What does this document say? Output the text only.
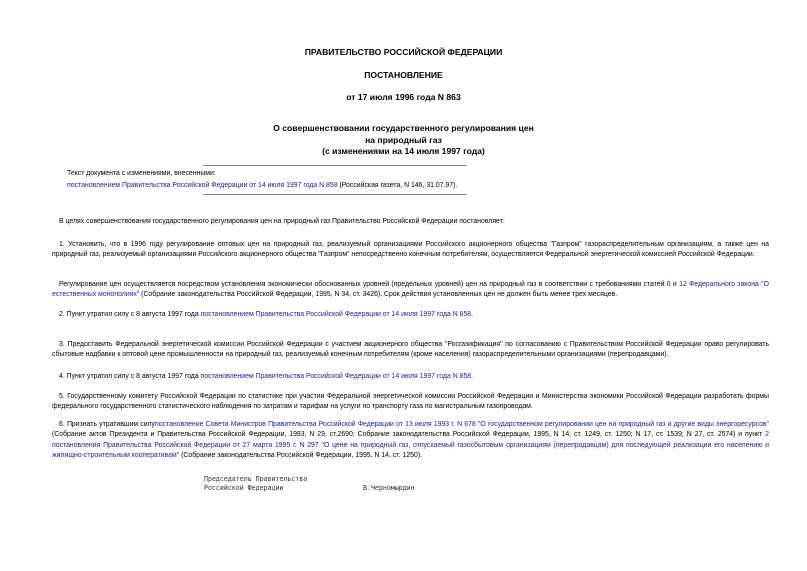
ПРАВИТЕЛЬСТВО РОССИЙСКОЙ ФЕДЕРАЦИИ
ПОСТАНОВЛЕНИЕ
от 17 июля 1996 года N 863
О совершенствовании государственного регулирования цен
на природный газ
(с изменениями на 14 июля 1997 года)
Текст документа с изменениями, внесенными:
постановлением Правительства Российской Федерации от 14 июля 1997 года N 858 (Российская газета, N 146, 31.07.97).

В целях совершенствования государственного регулирования цен на природный газ Правительство Российской Федерации постановляет:

1. Установить, что в 1996 году регулирование оптовых цен на природный газ, реализуемый организациями Российского акционерного общества "Газпром" газораспределительным организациям, а также цен на природный газ, реализуемый организациями Российского акционерного общества "Газпром" непосредственно конечным потребителям, осуществляется Федеральной энергетической комиссией Российской Федерации.

Регулирование цен осуществляется посредством установления экономически обоснованных уровней (предельных уровней) цен на природный газ в соответствии с требованиями статей 6 и 12 Федерального закона "О естественных монополиях" (Собрание законодательства Российской Федерации, 1995, N 34, ст. 3426). Срок действия установленных цен не должен быть менее трех месяцев.

2. Пункт утратил силу с 8 августа 1997 года постановлением Правительства Российской Федерации от 14 июля 1997 года N 858.

3. Предоставить Федеральной энергетической комиссии Российской Федерации с участием акционерного общества "Росгазификация" по согласованию с Правительством Российской Федерации право регулировать сбытовые надбавки к оптовой цене промышленности на природный газ, реализуемый конечным потребителям (кроме населения) газораспределительными организациями (перепродавцами).

4. Пункт утратил силу с 8 августа 1997 года постановлением Правительства Российской Федерации от 14 июля 1997 года N 858.

5. Государственному комитету Российской Федерации по статистике при участии Федеральной энергетической комиссии Российской Федерации и Министерства экономики Российской Федерации разработать формы федерального государственного статистического наблюдения по затратам и тарифам на услуги по транспорту газа по магистральным газопроводам.

6. Признать утратившим силупостановление Совета Министров Правительства Российской Федерации от 13 июля 1993 г. N 678 "О государственном регулировании цен на природный газ и другие виды энергоресурсов" (Собрание актов Президента и Правительства Российской Федерации, 1993, N 29, ст.2690; Собрание законодательства Российской Федерации, 1995, N 14, ст. 1249, ст. 1250; N 17, ст. 1539; N 27, ст. 2574) и пункт 2 постановления Правительства Российской Федерации от 27 марта 1995 г. N 297 "О цене на природный газ, отпускаемый газосбытовым организациям (перепродавцам) для последующей реализации его населению и жилищно-строительным кооперативам" (Собрание законодательства Российской Федерации, 1995, N 14, ст. 1250).

Председатель Правительства
Российской Федерации	В.Черномырдин
